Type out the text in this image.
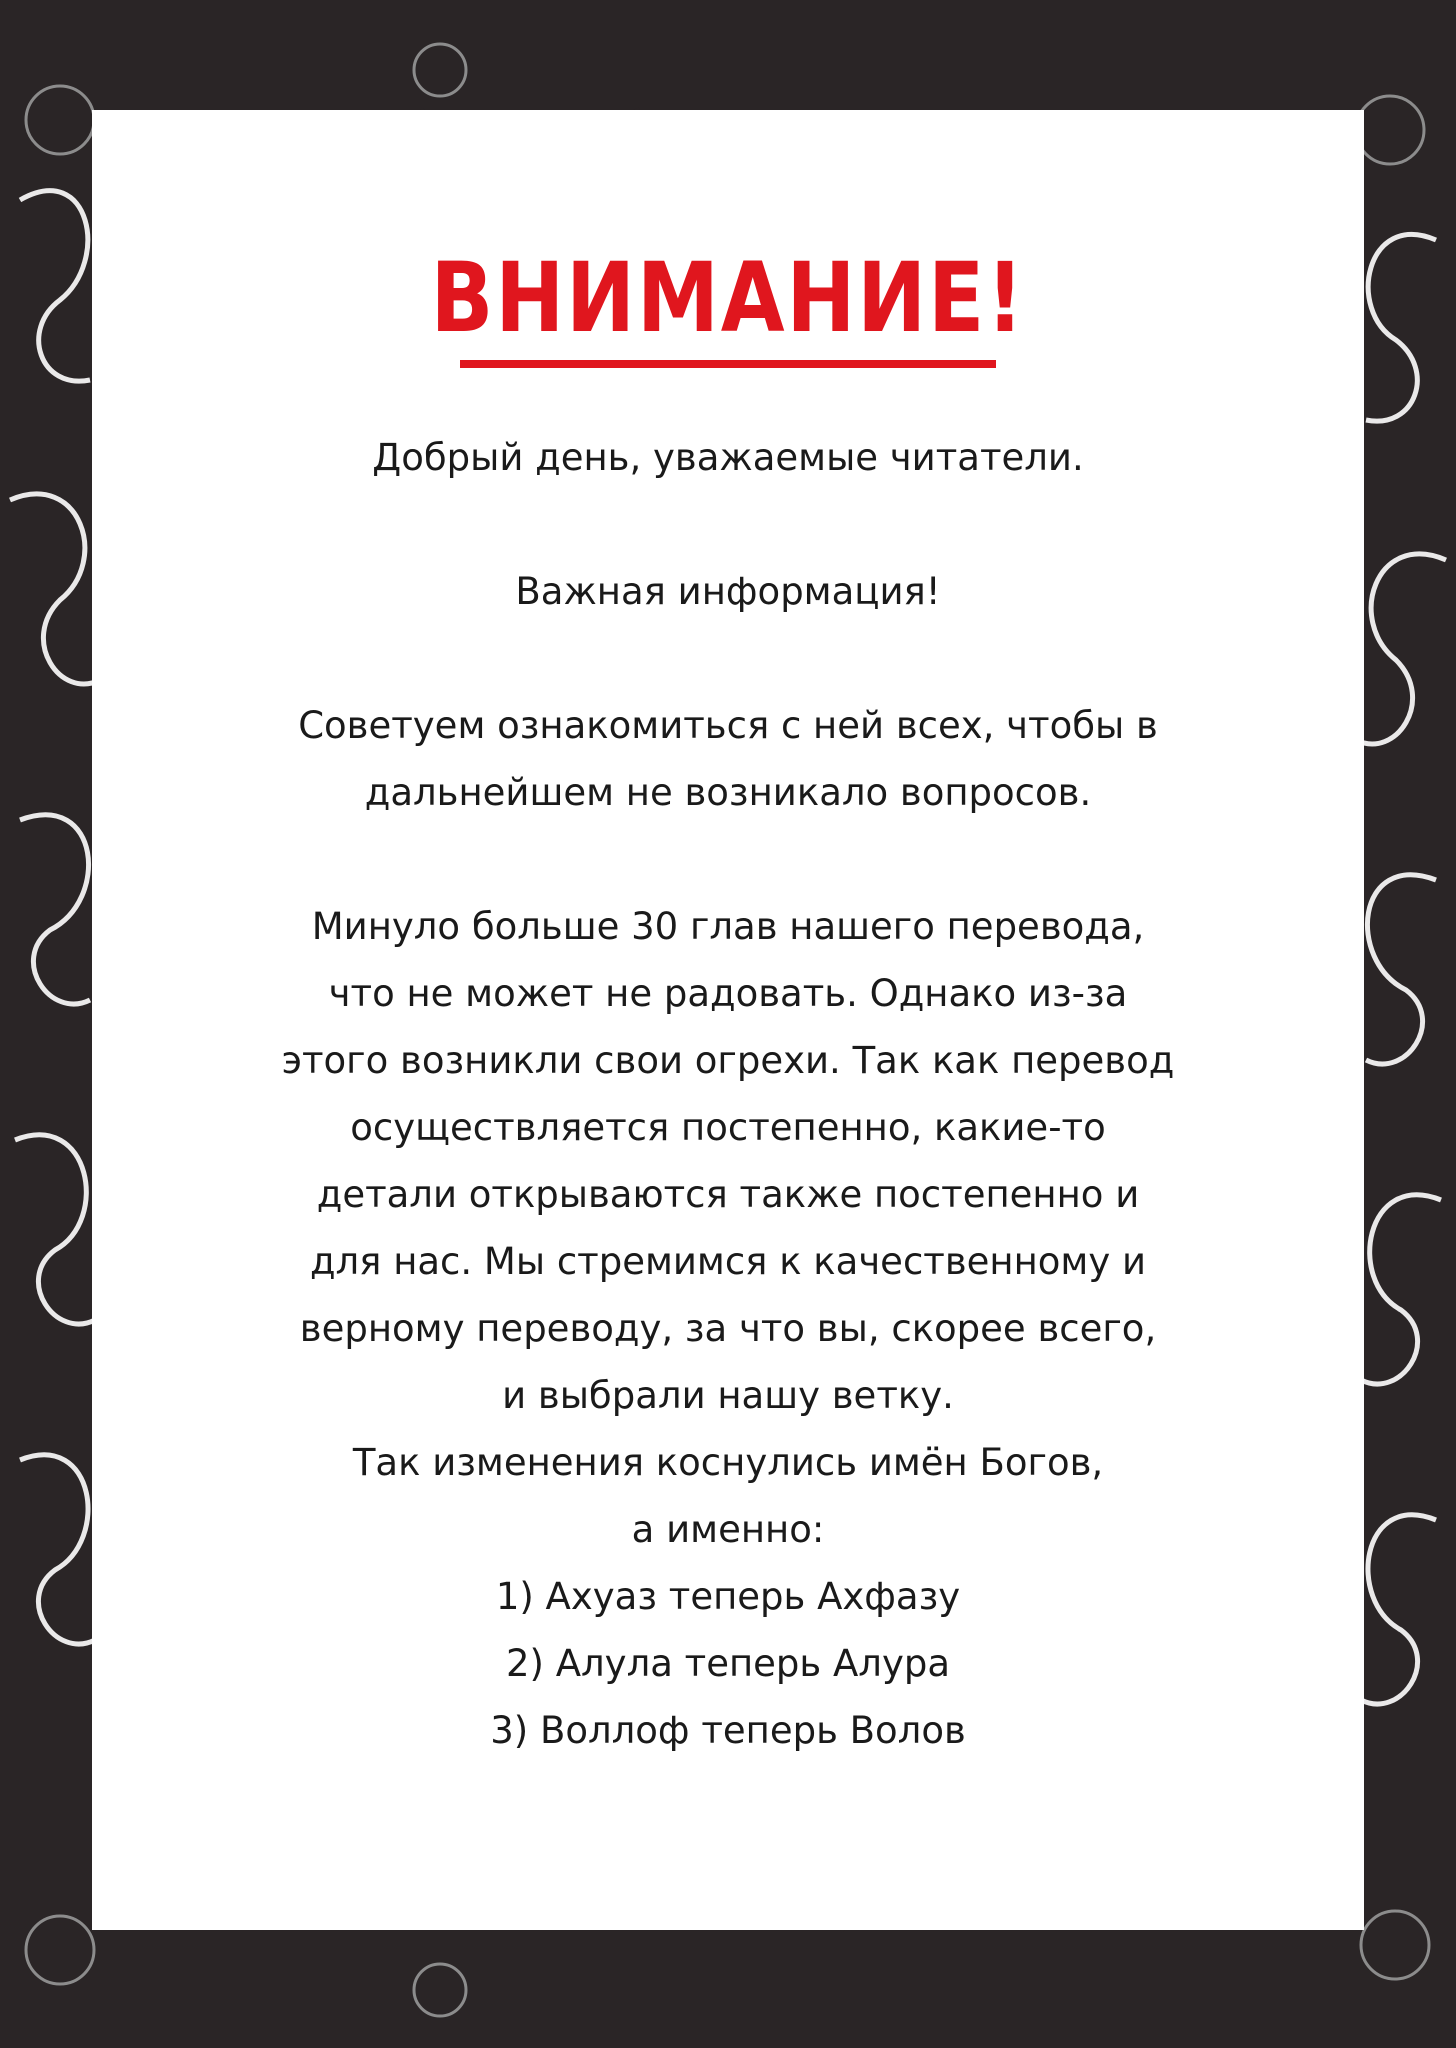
ВНИМАНИЕ!

Добрый день, уважаемые читатели.

Важная информация!

Советуем ознакомиться с ней всех, чтобы в

дальнейшем не возникало вопросов.

Минуло больше 30 глав нашего перевода,

что не может не радовать. Однако из-за

этого возникли свои огрехи. Так как перевод

осуществляется постепенно, какие-то

детали открываются также постепенно и

для нас. Мы стремимся к качественному и

верному переводу, за что вы, скорее всего,

и выбрали нашу ветку.

Так изменения коснулись имён Богов,

а именно:

1) Ахуаз теперь Ахфазу

2) Алула теперь Алура

3) Воллоф теперь Волов
